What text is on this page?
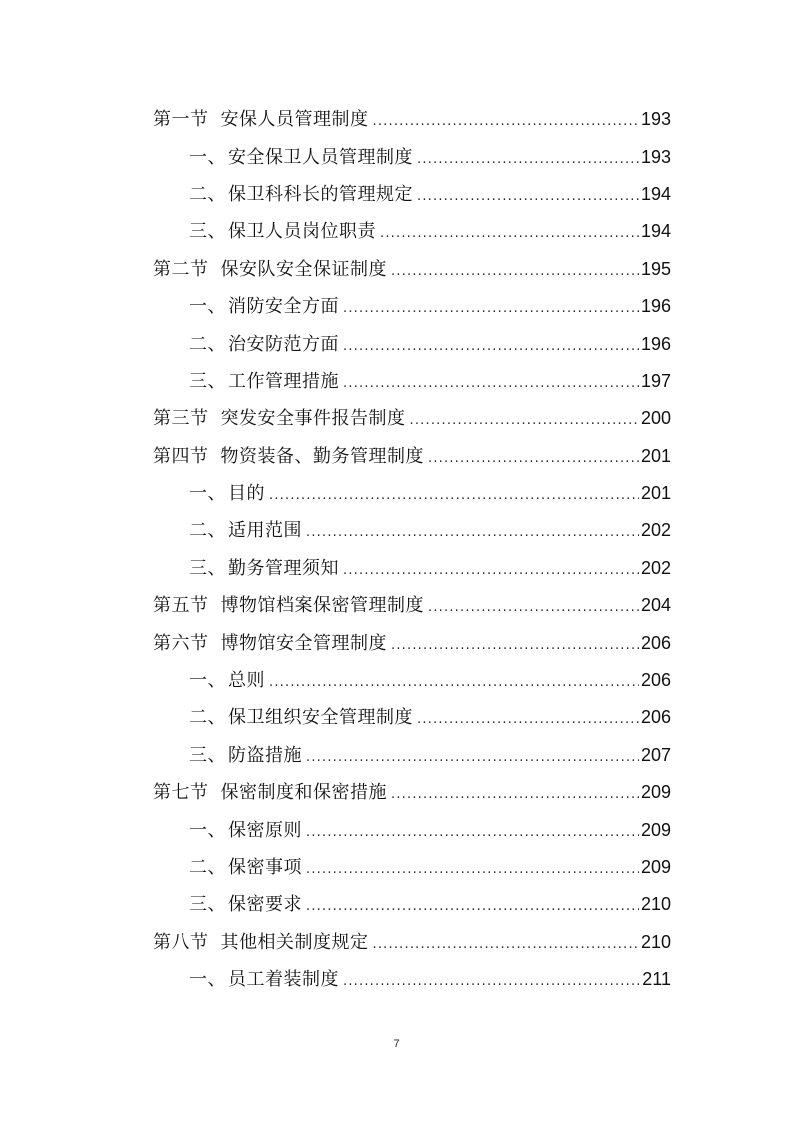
第一节 安保人员管理制度 .....	193
一、 安全保卫人员管理制度 .....	193
二、 保卫科科长的管理规定 .....	194
三、 保卫人员岗位职责 .....	194
第二节 保安队安全保证制度 .....	195
一、 消防安全方面 .....	196
二、 治安防范方面 .....	196
三、 工作管理措施 .....	197
第三节 突发安全事件报告制度 .....	200
第四节 物资装备、勤务管理制度 .....	201
一、 目的 .....	201
二、 适用范围 .....	202
三、 勤务管理须知 .....	202
第五节 博物馆档案保密管理制度 .....	204
第六节 博物馆安全管理制度 .....	206
一、 总则 .....	206
二、 保卫组织安全管理制度 .....	206
三、 防盗措施 .....	207
第七节 保密制度和保密措施 .....	209
一、 保密原则 .....	209
二、 保密事项 .....	209
三、 保密要求 .....	210
第八节 其他相关制度规定 .....	210
一、 员工着装制度 .....	211
7
